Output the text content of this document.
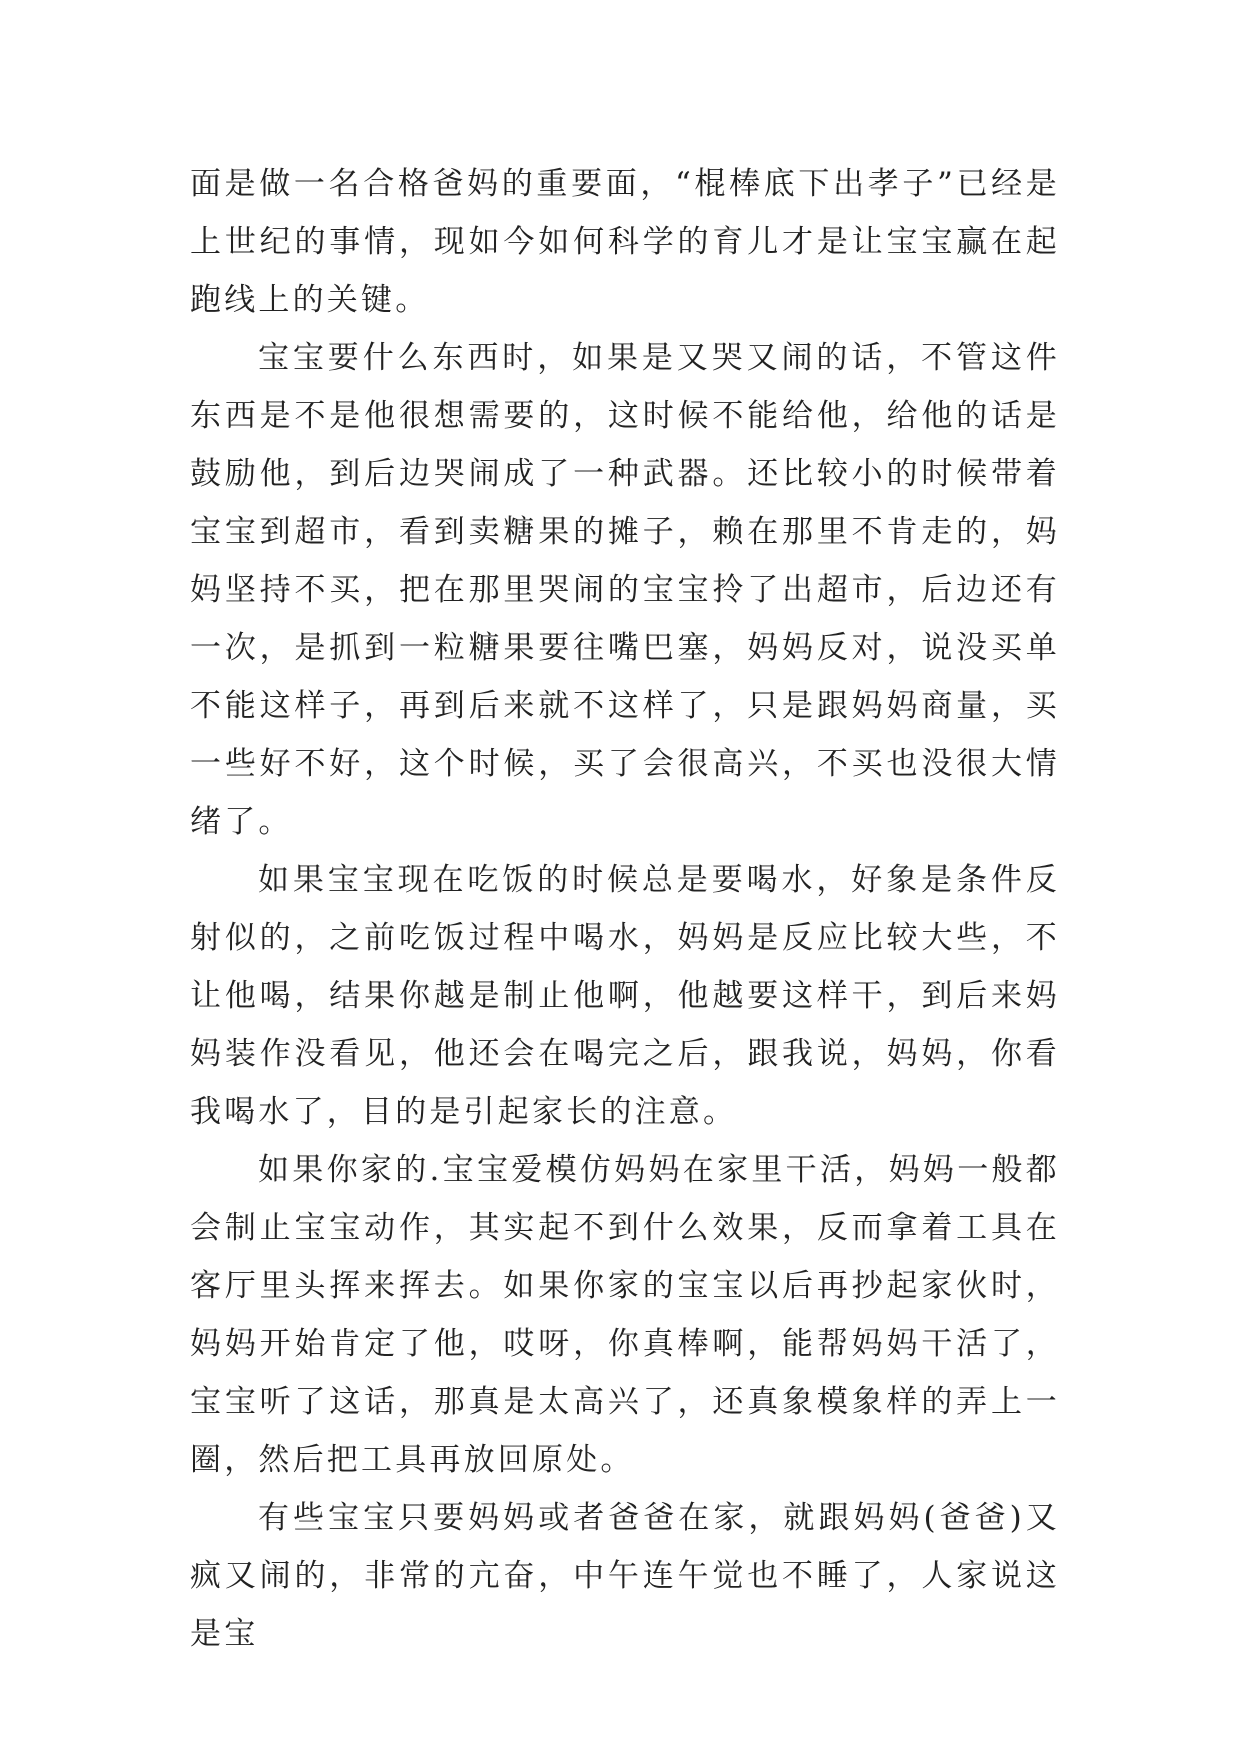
面是做一名合格爸妈的重要面，“棍棒底下出孝子”已经是上世纪的事情，现如今如何科学的育儿才是让宝宝赢在起跑线上的关键。

宝宝要什么东西时，如果是又哭又闹的话，不管这件东西是不是他很想需要的，这时候不能给他，给他的话是鼓励他，到后边哭闹成了一种武器。还比较小的时候带着宝宝到超市，看到卖糖果的摊子，赖在那里不肯走的，妈妈坚持不买，把在那里哭闹的宝宝拎了出超市，后边还有一次，是抓到一粒糖果要往嘴巴塞，妈妈反对，说没买单不能这样子，再到后来就不这样了，只是跟妈妈商量，买一些好不好，这个时候，买了会很高兴，不买也没很大情绪了。

如果宝宝现在吃饭的时候总是要喝水，好象是条件反射似的，之前吃饭过程中喝水，妈妈是反应比较大些，不让他喝，结果你越是制止他啊，他越要这样干，到后来妈妈装作没看见，他还会在喝完之后，跟我说，妈妈，你看我喝水了，目的是引起家长的注意。

如果你家的.宝宝爱模仿妈妈在家里干活，妈妈一般都会制止宝宝动作，其实起不到什么效果，反而拿着工具在客厅里头挥来挥去。如果你家的宝宝以后再抄起家伙时，妈妈开始肯定了他，哎呀，你真棒啊，能帮妈妈干活了，宝宝听了这话，那真是太高兴了，还真象模象样的弄上一圈，然后把工具再放回原处。

有些宝宝只要妈妈或者爸爸在家，就跟妈妈(爸爸)又疯又闹的，非常的亢奋，中午连午觉也不睡了，人家说这是宝
